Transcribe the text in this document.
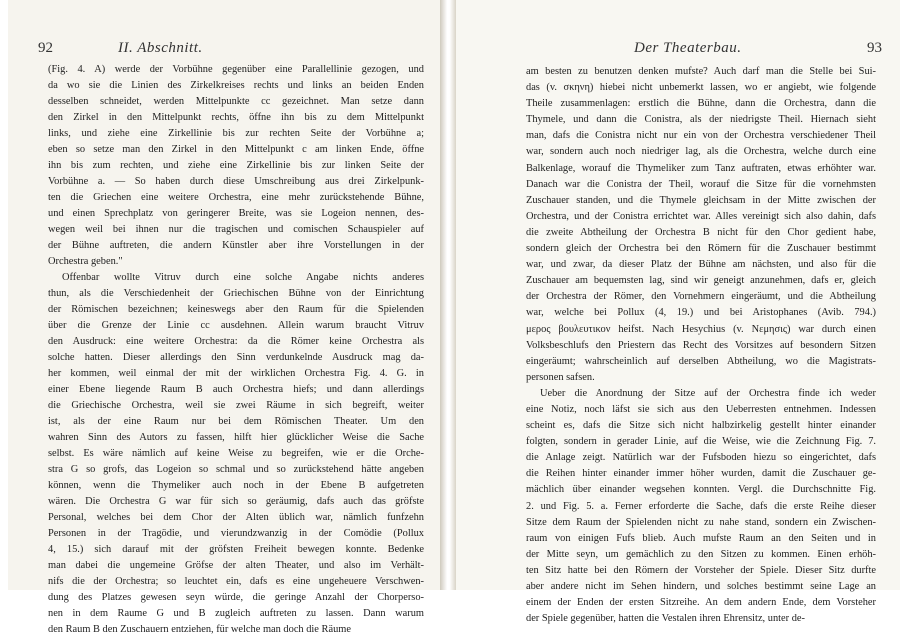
92	II. Abschnitt.
(Fig. 4. A) werde der Vorbühne gegenüber eine Parallellinie gezogen, und
da wo sie die Linien des Zirkelkreises rechts und links an beiden Enden
desselben schneidet, werden Mittelpunkte cc gezeichnet. Man setze dann
den Zirkel in den Mittelpunkt rechts, öffne ihn bis zu dem Mittelpunkt
links, und ziehe eine Zirkellinie bis zur rechten Seite der Vorbühne a;
eben so setze man den Zirkel in den Mittelpunkt c am linken Ende, öffne
ihn bis zum rechten, und ziehe eine Zirkellinie bis zur linken Seite der
Vorbühne a. — So haben durch diese Umschreibung aus drei Zirkelpunk-
ten die Griechen eine weitere Orchestra, eine mehr zurückstehende Bühne,
und einen Sprechplatz von geringerer Breite, was sie Logeion nennen, des-
wegen weil bei ihnen nur die tragischen und comischen Schauspieler auf
der Bühne auftreten, die andern Künstler aber ihre Vorstellungen in der
Orchestra geben."
Offenbar wollte Vitruv durch eine solche Angabe nichts anderes
thun, als die Verschiedenheit der Griechischen Bühne von der Einrichtung
der Römischen bezeichnen; keineswegs aber den Raum für die Spielenden
über die Grenze der Linie cc ausdehnen. Allein warum braucht Vitruv
den Ausdruck: eine weitere Orchestra: da die Römer keine Orchestra als
solche hatten. Dieser allerdings den Sinn verdunkelnde Ausdruck mag da-
her kommen, weil einmal der mit der wirklichen Orchestra Fig. 4. G. in
einer Ebene liegende Raum B auch Orchestra hiefs; und dann allerdings
die Griechische Orchestra, weil sie zwei Räume in sich begreift, weiter
ist, als der eine Raum nur bei dem Römischen Theater. Um den
wahren Sinn des Autors zu fassen, hilft hier glücklicher Weise die Sache
selbst. Es wäre nämlich auf keine Weise zu begreifen, wie er die Orche-
stra G so grofs, das Logeion so schmal und so zurückstehend hätte angeben
können, wenn die Thymeliker auch noch in der Ebene B aufgetreten
wären. Die Orchestra G war für sich so geräumig, dafs auch das gröfste
Personal, welches bei dem Chor der Alten üblich war, nämlich funfzehn
Personen in der Tragödie, und vierundzwanzig in der Comödie (Pollux
4, 15.) sich darauf mit der gröfsten Freiheit bewegen konnte. Bedenke
man dabei die ungemeine Gröfse der alten Theater, und also im Verhält-
nifs die der Orchestra; so leuchtet ein, dafs es eine ungeheuere Verschwen-
dung des Platzes gewesen seyn würde, die geringe Anzahl der Chorperso-
nen in dem Raume G und B zugleich auftreten zu lassen. Dann warum
den Raum B den Zuschauern entziehen, für welche man doch die Räume
Der Theaterbau.	93
am besten zu benutzen denken mufste? Auch darf man die Stelle bei Sui-
das (v. σκηνη) hiebei nicht unbemerkt lassen, wo er angiebt, wie folgende
Theile zusammenlagen: erstlich die Bühne, dann die Orchestra, dann die
Thymele, und dann die Conistra, als der niedrigste Theil. Hiernach sieht
man, dafs die Conistra nicht nur ein von der Orchestra verschiedener Theil
war, sondern auch noch niedriger lag, als die Orchestra, welche durch eine
Balkenlage, worauf die Thymeliker zum Tanz auftraten, etwas erhöhter war.
Danach war die Conistra der Theil, worauf die Sitze für die vornehmsten
Zuschauer standen, und die Thymele gleichsam in der Mitte zwischen der
Orchestra, und der Conistra errichtet war. Alles vereinigt sich also dahin, dafs
die zweite Abtheilung der Orchestra B nicht für den Chor gedient habe,
sondern gleich der Orchestra bei den Römern für die Zuschauer bestimmt
war, und zwar, da dieser Platz der Bühne am nächsten, und also für die
Zuschauer am bequemsten lag, sind wir geneigt anzunehmen, dafs er, gleich
der Orchestra der Römer, den Vornehmern eingeräumt, und die Abtheilung
war, welche bei Pollux (4, 19.) und bei Aristophanes (Avib. 794.)
μερος βουλευτικον heifst. Nach Hesychius (v. Νεμησις) war durch einen
Volksbeschlufs den Priestern das Recht des Vorsitzes auf besondern Sitzen
eingeräumt; wahrscheinlich auf derselben Abtheilung, wo die Magistrats-
personen safsen.
Ueber die Anordnung der Sitze auf der Orchestra finde ich weder
eine Notiz, noch läfst sie sich aus den Ueberresten entnehmen. Indessen
scheint es, dafs die Sitze sich nicht halbzirkelig gestellt hinter einander
folgten, sondern in gerader Linie, auf die Weise, wie die Zeichnung Fig. 7.
die Anlage zeigt. Natürlich war der Fufsboden hiezu so eingerichtet, dafs
die Reihen hinter einander immer höher wurden, damit die Zuschauer ge-
mächlich über einander wegsehen konnten. Vergl. die Durchschnitte Fig.
2. und Fig. 5. a. Ferner erforderte die Sache, dafs die erste Reihe dieser
Sitze dem Raum der Spielenden nicht zu nahe stand, sondern ein Zwischen-
raum von einigen Fufs blieb. Auch mufste Raum an den Seiten und in
der Mitte seyn, um gemächlich zu den Sitzen zu kommen. Einen erhöh-
ten Sitz hatte bei den Römern der Vorsteher der Spiele. Dieser Sitz durfte
aber andere nicht im Sehen hindern, und solches bestimmt seine Lage an
einem der Enden der ersten Sitzreihe. An dem andern Ende, dem Vorsteher
der Spiele gegenüber, hatten die Vestalen ihren Ehrensitz, unter de-
